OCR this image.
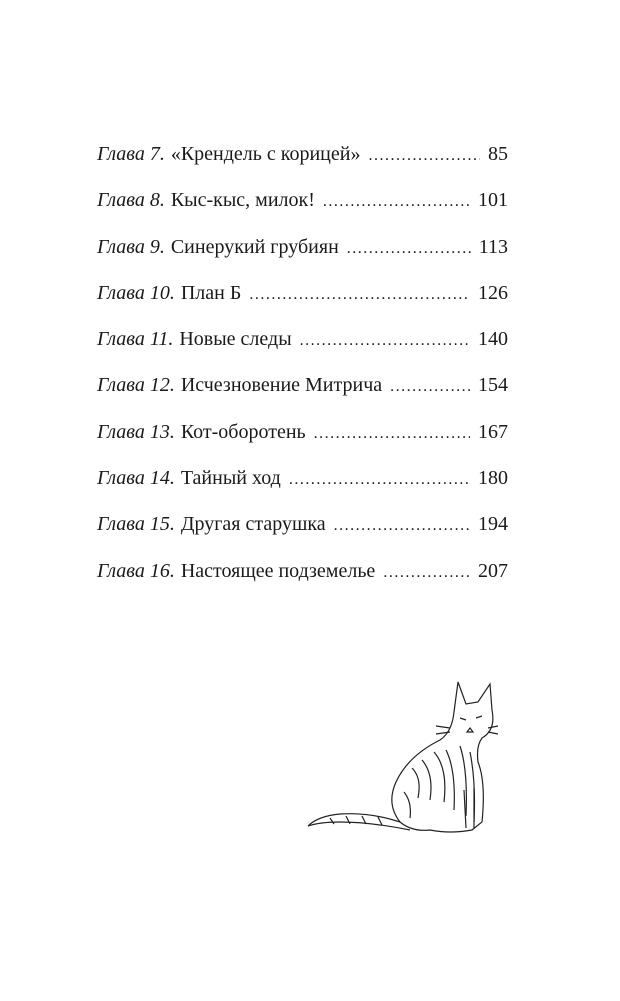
Глава 7. «Крендель с корицей» .....	85
Глава 8. Кыс-кыс, милок! .....	101
Глава 9. Синерукий грубиян .....	113
Глава 10. План Б .....	126
Глава 11. Новые следы .....	140
Глава 12. Исчезновение Митрича .....	154
Глава 13. Кот-оборотень .....	167
Глава 14. Тайный ход .....	180
Глава 15. Другая старушка .....	194
Глава 16. Настоящее подземелье .....	207
